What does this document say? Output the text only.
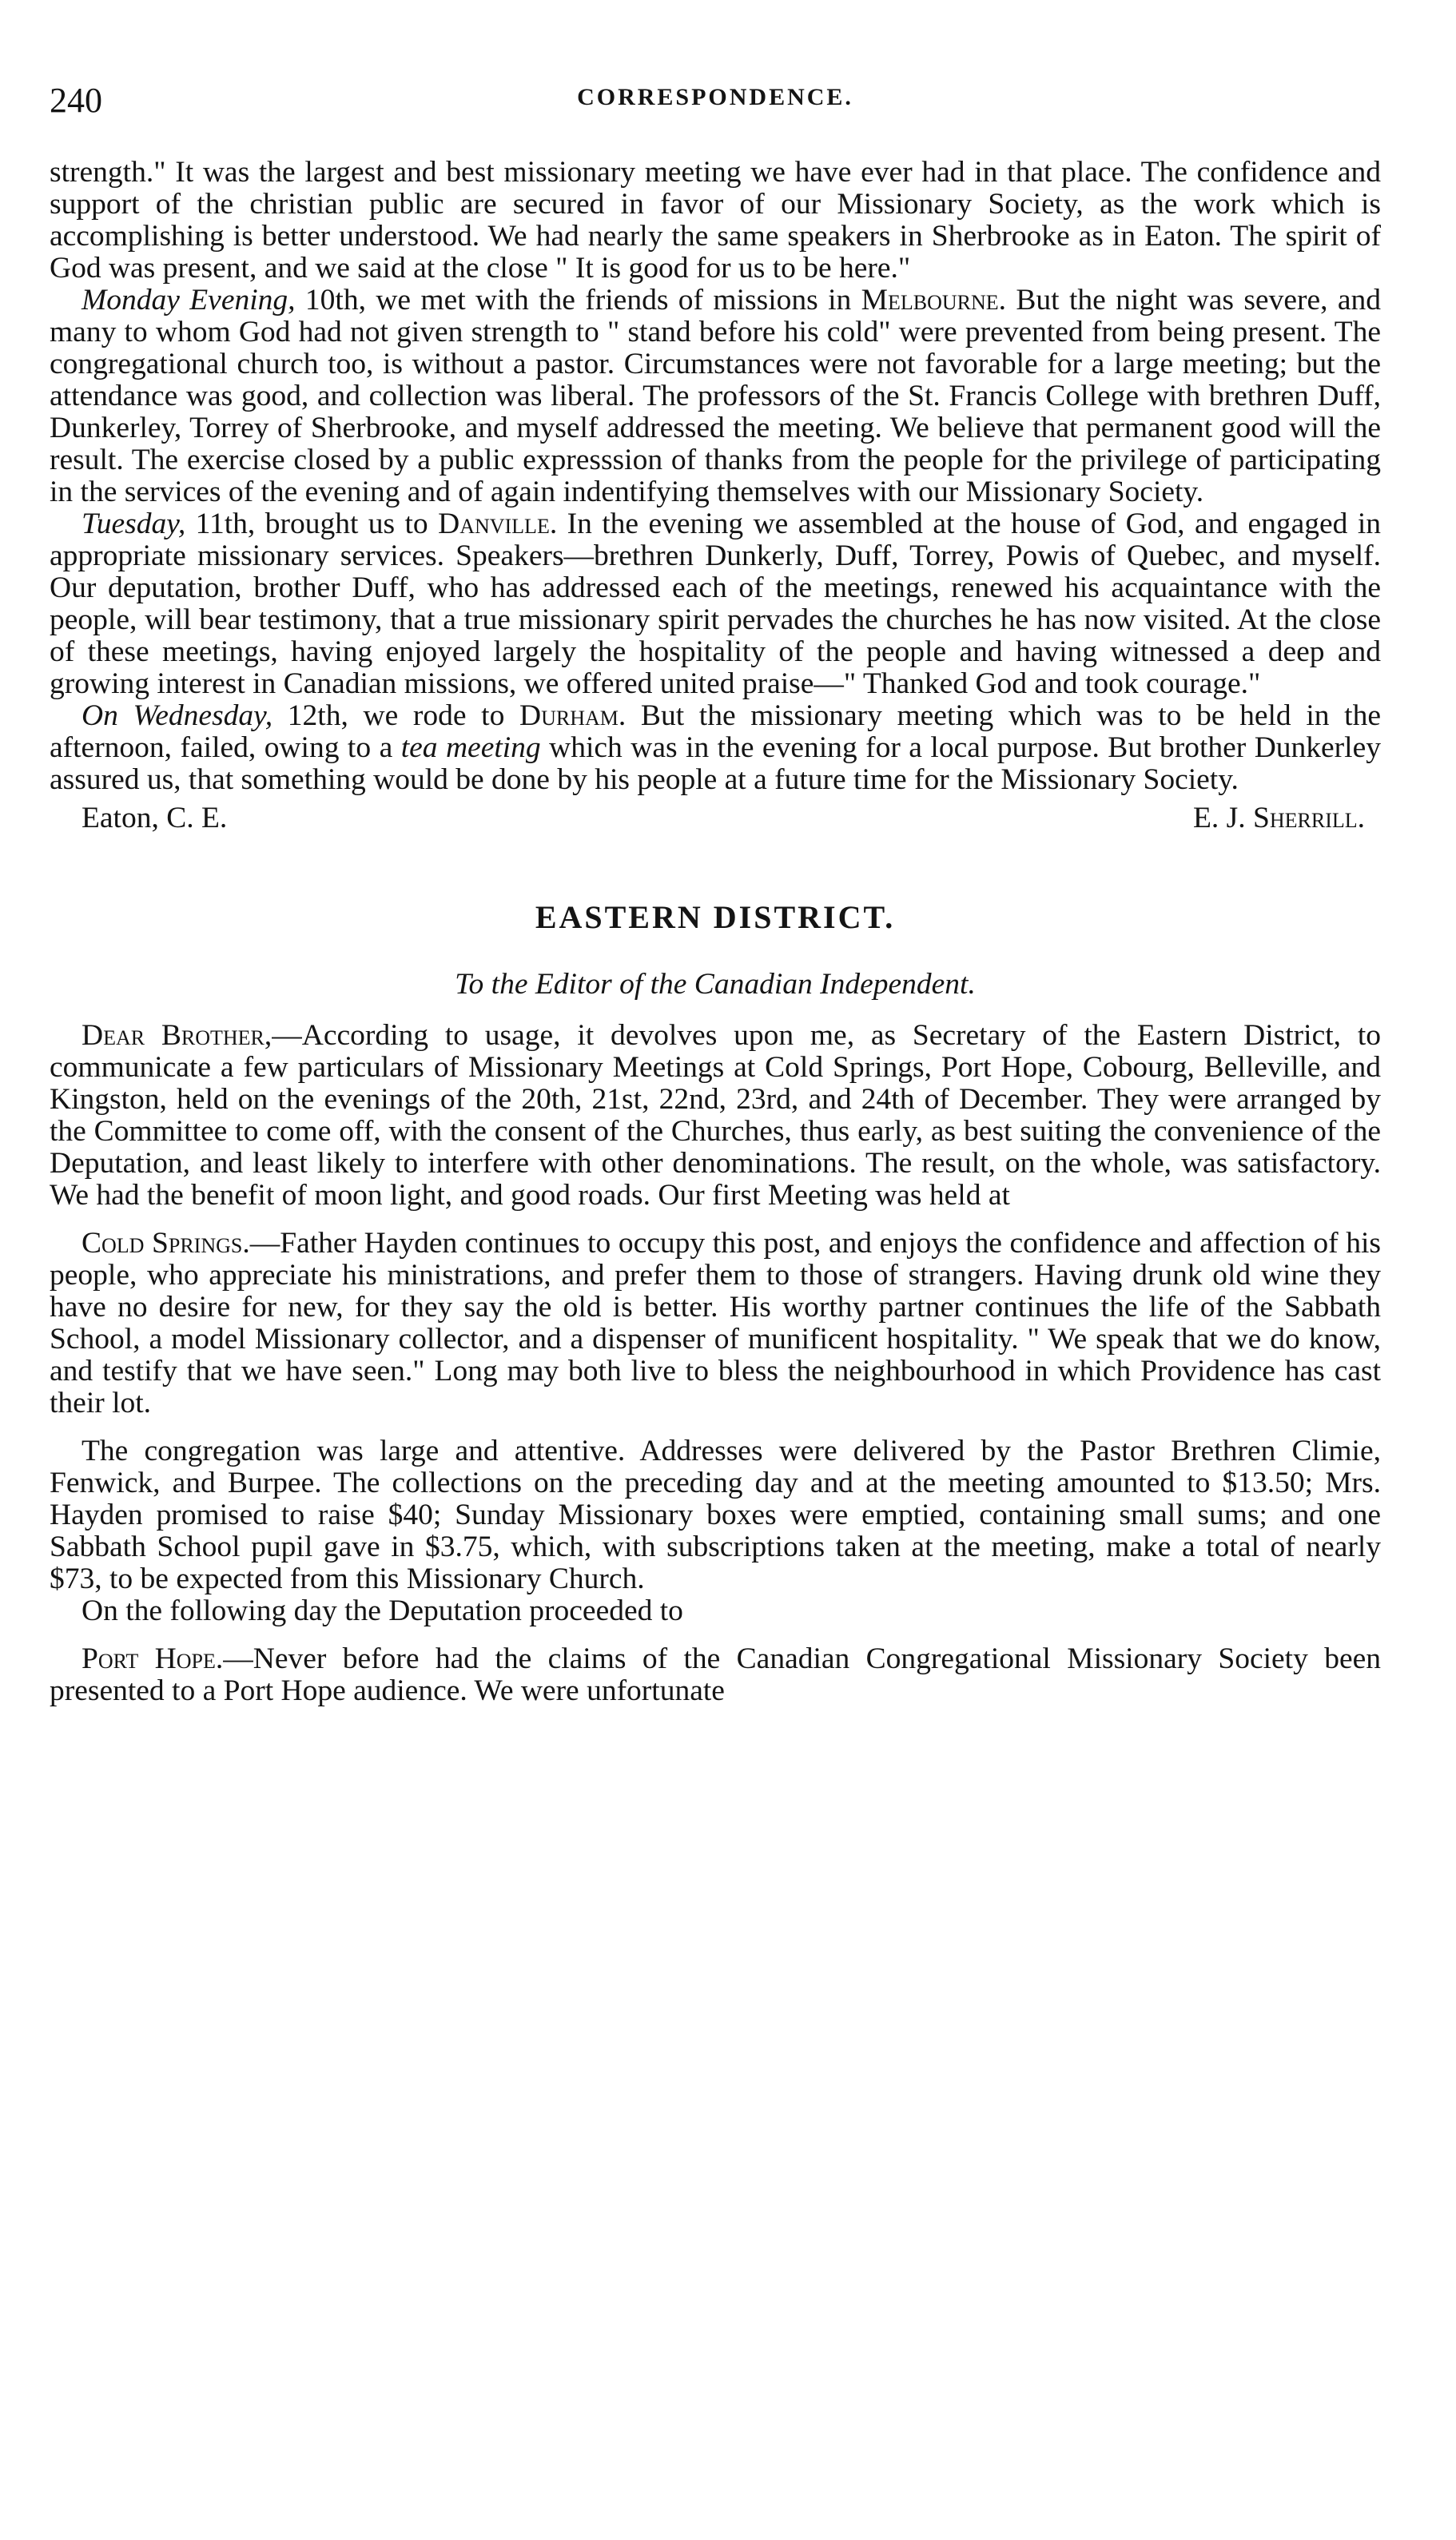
240	CORRESPONDENCE.

strength." It was the largest and best missionary meeting we have ever had in that place. The confidence and support of the christian public are secured in favor of our Missionary Society, as the work which is accomplishing is better understood. We had nearly the same speakers in Sherbrooke as in Eaton. The spirit of God was present, and we said at the close " It is good for us to be here."

Monday Evening, 10th, we met with the friends of missions in Melbourne. But the night was severe, and many to whom God had not given strength to " stand before his cold" were prevented from being present. The congregational church too, is without a pastor. Circumstances were not favorable for a large meeting; but the attendance was good, and collection was liberal. The professors of the St. Francis College with brethren Duff, Dunkerley, Torrey of Sherbrooke, and myself addressed the meeting. We believe that permanent good will the result. The exercise closed by a public expresssion of thanks from the people for the privilege of participating in the services of the evening and of again indentifying themselves with our Missionary Society.

Tuesday, 11th, brought us to Danville. In the evening we assembled at the house of God, and engaged in appropriate missionary services. Speakers—brethren Dunkerly, Duff, Torrey, Powis of Quebec, and myself. Our deputation, brother Duff, who has addressed each of the meetings, renewed his acquaintance with the people, will bear testimony, that a true missionary spirit pervades the churches he has now visited. At the close of these meetings, having enjoyed largely the hospitality of the people and having witnessed a deep and growing interest in Canadian missions, we offered united praise—" Thanked God and took courage."

On Wednesday, 12th, we rode to Durham. But the missionary meeting which was to be held in the afternoon, failed, owing to a tea meeting which was in the evening for a local purpose. But brother Dunkerley assured us, that something would be done by his people at a future time for the Missionary Society.

Eaton, C. E.	E. J. Sherrill.
EASTERN DISTRICT.
To the Editor of the Canadian Independent.

Dear Brother,—According to usage, it devolves upon me, as Secretary of the Eastern District, to communicate a few particulars of Missionary Meetings at Cold Springs, Port Hope, Cobourg, Belleville, and Kingston, held on the evenings of the 20th, 21st, 22nd, 23rd, and 24th of December. They were arranged by the Committee to come off, with the consent of the Churches, thus early, as best suiting the convenience of the Deputation, and least likely to interfere with other denominations. The result, on the whole, was satisfactory. We had the benefit of moon light, and good roads. Our first Meeting was held at

Cold Springs.—Father Hayden continues to occupy this post, and enjoys the confidence and affection of his people, who appreciate his ministrations, and prefer them to those of strangers. Having drunk old wine they have no desire for new, for they say the old is better. His worthy partner continues the life of the Sabbath School, a model Missionary collector, and a dispenser of munificent hospitality. " We speak that we do know, and testify that we have seen." Long may both live to bless the neighbourhood in which Providence has cast their lot.

The congregation was large and attentive. Addresses were delivered by the Pastor Brethren Climie, Fenwick, and Burpee. The collections on the preceding day and at the meeting amounted to $13.50; Mrs. Hayden promised to raise $40; Sunday Missionary boxes were emptied, containing small sums; and one Sabbath School pupil gave in $3.75, which, with subscriptions taken at the meeting, make a total of nearly $73, to be expected from this Missionary Church.

On the following day the Deputation proceeded to

Port Hope.—Never before had the claims of the Canadian Congregational Missionary Society been presented to a Port Hope audience. We were unfortunate
